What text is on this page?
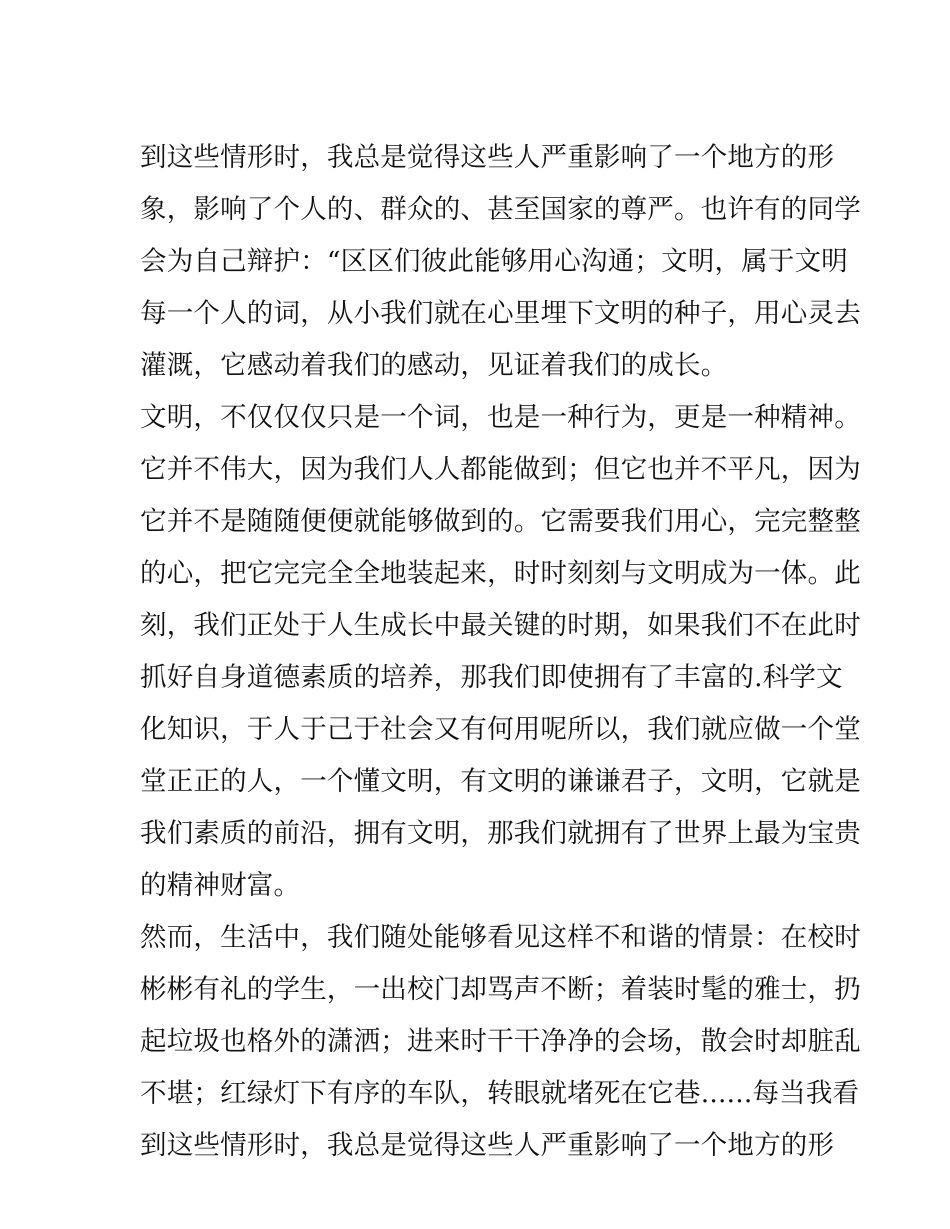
到这些情形时，我总是觉得这些人严重影响了一个地方的形
象，影响了个人的、群众的、甚至国家的尊严。也许有的同学
会为自己辩护：“区区们彼此能够用心沟通；文明，属于文明
每一个人的词，从小我们就在心里埋下文明的种子，用心灵去
灌溉，它感动着我们的感动，见证着我们的成长。
文明，不仅仅仅只是一个词，也是一种行为，更是一种精神。
它并不伟大，因为我们人人都能做到；但它也并不平凡，因为
它并不是随随便便就能够做到的。它需要我们用心，完完整整
的心，把它完完全全地装起来，时时刻刻与文明成为一体。此
刻，我们正处于人生成长中最关键的时期，如果我们不在此时
抓好自身道德素质的培养，那我们即使拥有了丰富的.科学文
化知识，于人于己于社会又有何用呢所以，我们就应做一个堂
堂正正的人，一个懂文明，有文明的谦谦君子，文明，它就是
我们素质的前沿，拥有文明，那我们就拥有了世界上最为宝贵
的精神财富。
然而，生活中，我们随处能够看见这样不和谐的情景：在校时
彬彬有礼的学生，一出校门却骂声不断；着装时髦的雅士，扔
起垃圾也格外的潇洒；进来时干干净净的会场，散会时却脏乱
不堪；红绿灯下有序的车队，转眼就堵死在它巷......每当我看
到这些情形时，我总是觉得这些人严重影响了一个地方的形
